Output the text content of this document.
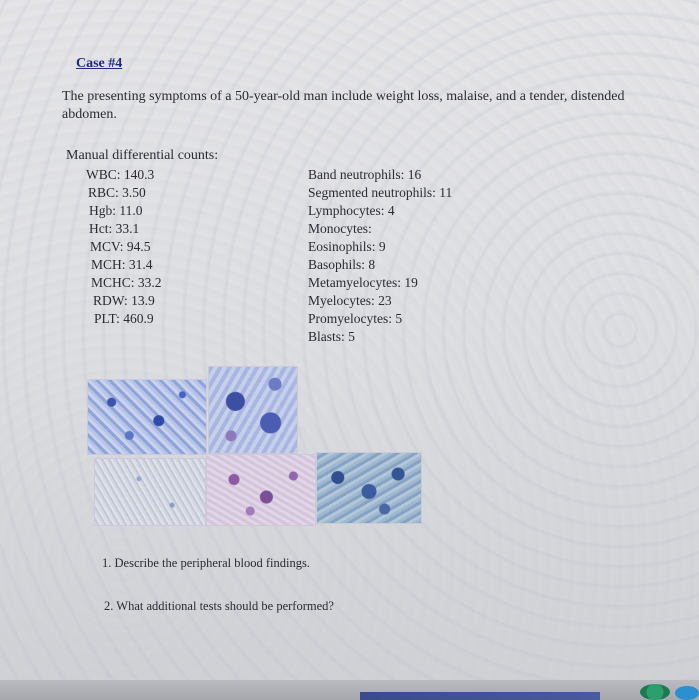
Case #4

The presenting symptoms of a 50-year-old man include weight loss, malaise, and a tender, distended abdomen.

Manual differential counts:

WBC: 140.3
RBC: 3.50
Hgb: 11.0
Hct: 33.1
MCV: 94.5
MCH: 31.4
MCHC: 33.2
RDW: 13.9
PLT: 460.9
Band neutrophils: 16
Segmented neutrophils: 11
Lymphocytes: 4
Monocytes:
Eosinophils: 9
Basophils: 8
Metamyelocytes: 19
Myelocytes: 23
Promyelocytes: 5
Blasts: 5

1. Describe the peripheral blood findings.

2. What additional tests should be performed?
